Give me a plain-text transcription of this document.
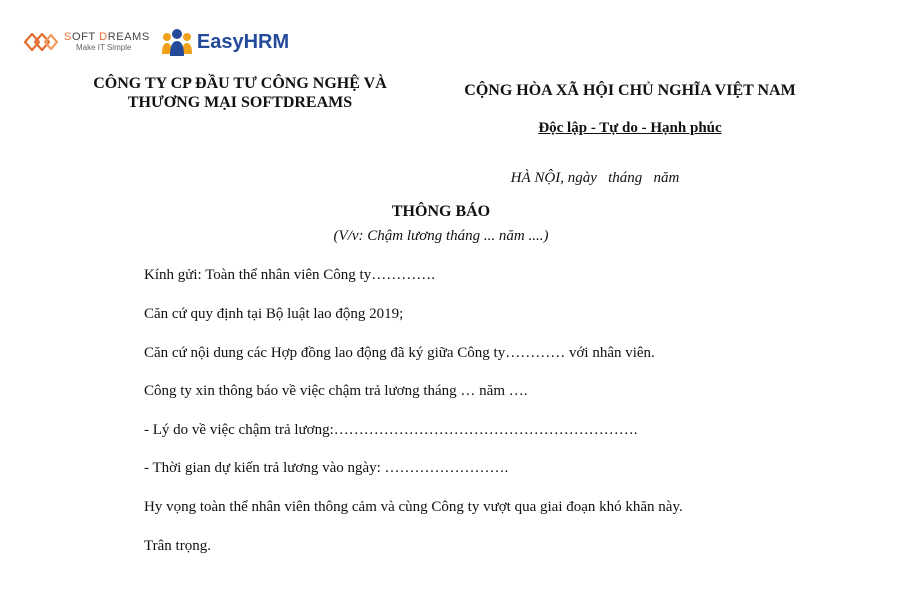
SOFT DREAMS
Make IT Simple	EasyHRM
CÔNG TY CP ĐẦU TƯ CÔNG NGHỆ VÀ
THƯƠNG MẠI SOFTDREAMS
CỘNG HÒA XÃ HỘI CHỦ NGHĨA VIỆT NAM
Độc lập - Tự do - Hạnh phúc
HÀ NỘI, ngày   tháng   năm
THÔNG BÁO
(V/v: Chậm lương tháng ... năm ....)
Kính gửi: Toàn thể nhân viên Công ty………….
Căn cứ quy định tại Bộ luật lao động 2019;
Căn cứ nội dung các Hợp đồng lao động đã ký giữa Công ty………… với nhân viên.
Công ty xin thông báo về việc chậm trả lương tháng … năm ….
- Lý do về việc chậm trả lương:…………………………………………………….
- Thời gian dự kiến trả lương vào ngày: …………………….
Hy vọng toàn thể nhân viên thông cảm và cùng Công ty vượt qua giai đoạn khó khăn này.
Trân trọng.
